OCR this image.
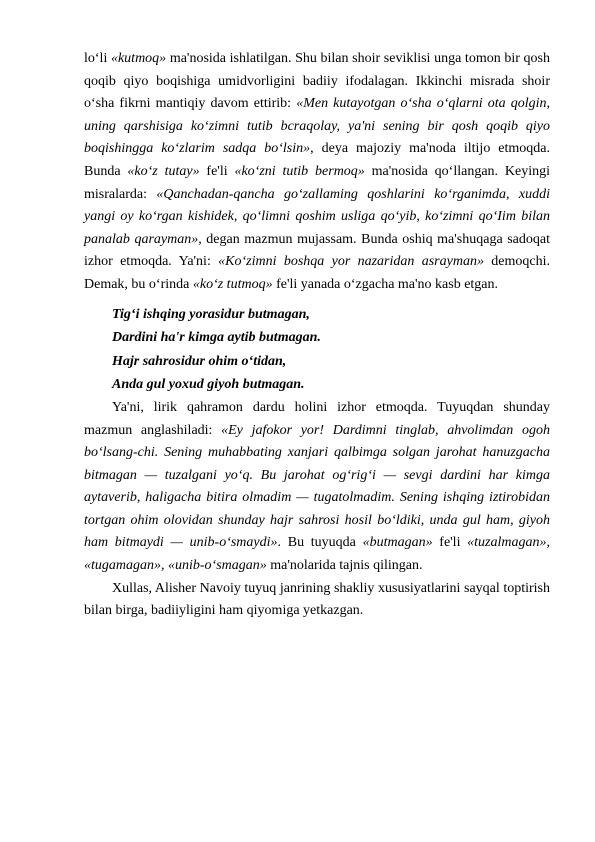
lo‘li «kutmoq» ma'nosida ishlatilgan. Shu bilan shoir seviklisi unga tomon bir qosh qoqib qiyo boqishiga umidvorligini badiiy ifodalagan. Ikkinchi misrada shoir o‘sha fikrni mantiqiy davom ettirib: «Men kutayotgan o‘sha o‘qlarni ota qolgin, uning qarshisiga ko‘zimni tutib bcraqolay, ya'ni sening bir qosh qoqib qiyo boqishingga ko‘zlarim sadqa bo‘lsin», deya majoziy ma'noda iltijo etmoqda. Bunda «ko‘z tutay» fe'li «ko‘zni tutib bermoq» ma'nosida qo‘llangan. Keyingi misralarda: «Qanchadan-qancha go‘zallaming qoshlarini ko‘rganimda, xuddi yangi oy ko‘rgan kishidek, qo‘limni qoshim usliga qo‘yib, ko‘zimni qo‘Iim bilan panalab qarayman», degan mazmun mujassam. Bunda oshiq ma'shuqaga sadoqat izhor etmoqda. Ya'ni: «Ko‘zimni boshqa yor nazaridan asrayman» demoqchi. Demak, bu o‘rinda «ko‘z tutmoq» fe'li yanada o‘zgacha ma'no kasb etgan.

Tig‘i ishqing yorasidur butmagan,
Dardini ha'r kimga aytib butmagan.
Hajr sahrosidur ohim o‘tidan,
Anda gul yoxud giyoh butmagan.

Ya'ni, lirik qahramon dardu holini izhor etmoqda. Tuyuqdan shunday mazmun anglashiladi: «Ey jafokor yor! Dardimni tinglab, ahvolimdan ogoh bo‘lsang-chi. Sening muhabbating xanjari qalbimga solgan jarohat hanuzgacha bitmagan — tuzalgani yo‘q. Bu jarohat og‘rig‘i — sevgi dardini har kimga aytaverib, haligacha bitira olmadim — tugatolmadim. Sening ishqing iztirobidan tortgan ohim olovidan shunday hajr sahrosi hosil bo‘ldiki, unda gul ham, giyoh ham bitmaydi — unib-o‘smaydi». Bu tuyuqda «butmagan» fe'li «tuzalmagan», «tugamagan», «unib-o‘smagan» ma'nolarida tajnis qilingan.

Xullas, Alisher Navoiy tuyuq janrining shakliy xususiyatlarini sayqal toptirish bilan birga, badiiyligini ham qiyomiga yetkazgan.
